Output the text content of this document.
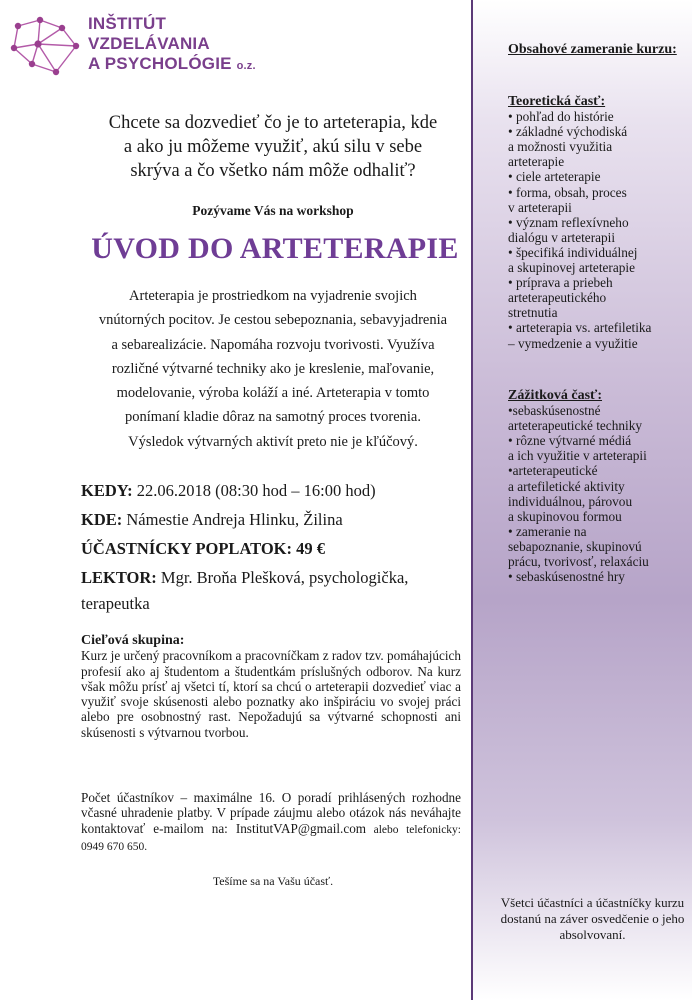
INŠTITÚT
VZDELÁVANIA
A PSYCHOLÓGIE o.z.
Chcete sa dozvedieť čo je to arteterapia, kde
a ako ju môžeme využiť, akú silu v sebe
skrýva a čo všetko nám môže odhaliť?
Pozývame Vás na workshop
ÚVOD DO ARTETERAPIE
Arteterapia je prostriedkom na vyjadrenie svojich
vnútorných pocitov. Je cestou sebepoznania, sebavyjadrenia
a sebarealizácie. Napomáha rozvoju tvorivosti. Využíva
rozličné výtvarné techniky ako je kreslenie, maľovanie,
modelovanie, výroba koláží a iné. Arteterapia v tomto
ponímaní kladie dôraz na samotný proces tvorenia.
Výsledok výtvarných aktivít preto nie je kľúčový.
KEDY: 22.06.2018 (08:30 hod – 16:00 hod)
KDE: Námestie Andreja Hlinku, Žilina
ÚČASTNÍCKY POPLATOK: 49 €
LEKTOR: Mgr. Broňa Plešková, psychologička,
terapeutka
Cieľová skupina:
Kurz je určený pracovníkom a pracovníčkam z radov tzv. pomáhajúcich profesií ako aj študentom a študentkám príslušných odborov. Na kurz však môžu prísť aj všetci tí, ktorí sa chcú o arteterapii dozvedieť viac a využiť svoje skúsenosti alebo poznatky ako inšpiráciu vo svojej práci alebo pre osobnostný rast. Nepožadujú sa výtvarné schopnosti ani skúsenosti s výtvarnou tvorbou.
Počet účastníkov – maximálne 16. O poradí prihlásených rozhodne včasné uhradenie platby. V prípade záujmu alebo otázok nás neváhajte kontaktovať e-mailom na: InstitutVAP@gmail.com alebo telefonicky: 0949 670 650.
Tešíme sa na Vašu účasť.
Obsahové zameranie kurzu:
Teoretická časť:
• pohľad do histórie
• základné východiská
a možnosti využitia
arteterapie
• ciele arteterapie
• forma, obsah, proces
v arteterapii
• význam reflexívneho
dialógu v arteterapii
• špecifiká individuálnej
a skupinovej arteterapie
• príprava a priebeh
arteterapeutického
stretnutia
• arteterapia vs. artefiletika
– vymedzenie a využitie
Zážitková časť:
•sebaskúsenostné
arteterapeutické techniky
• rôzne výtvarné médiá
a ich využitie v arteterapii
•arteterapeutické
a artefiletické aktivity
individuálnou, párovou
a skupinovou formou
• zameranie na
sebapoznanie, skupinovú
prácu, tvorivosť, relaxáciu
• sebaskúsenostné hry
Všetci účastníci a účastníčky kurzu dostanú na záver osvedčenie o jeho absolvovaní.
